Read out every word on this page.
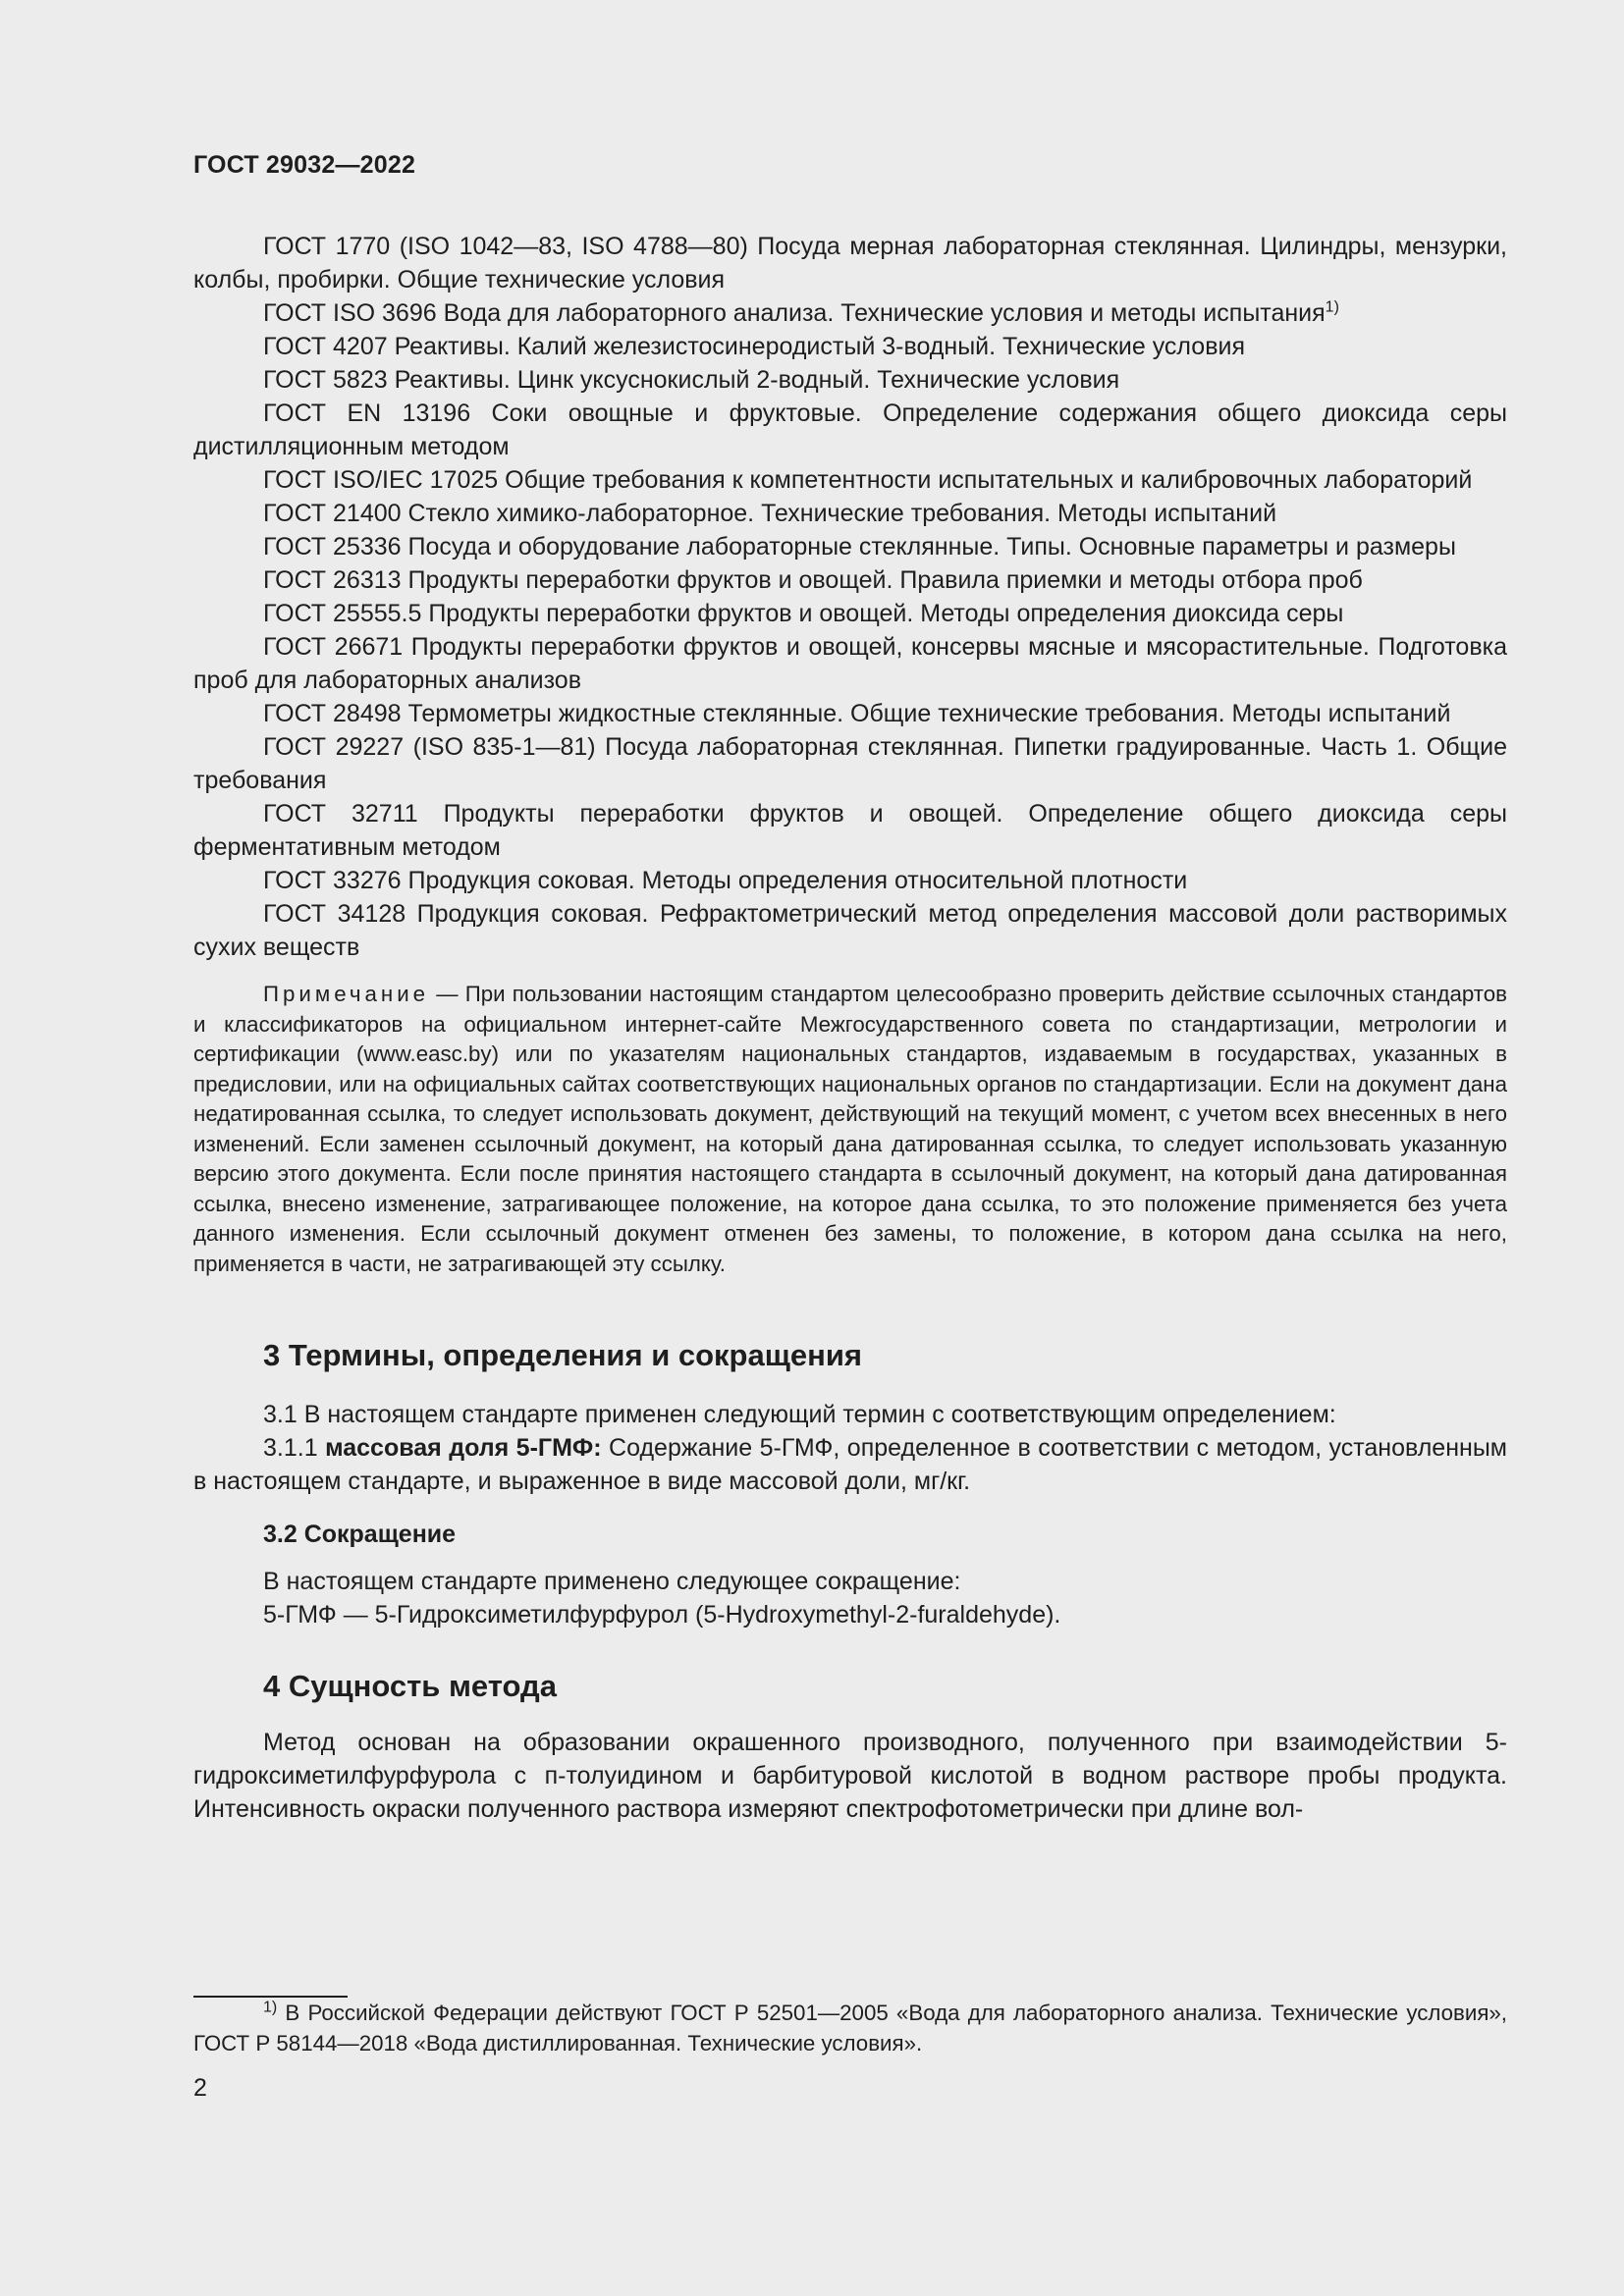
ГОСТ 29032—2022

ГОСТ 1770 (ISO 1042—83, ISO 4788—80) Посуда мерная лабораторная стеклянная. Цилиндры, мензурки, колбы, пробирки. Общие технические условия

ГОСТ ISO 3696 Вода для лабораторного анализа. Технические условия и методы испытания$^{1)}$

ГОСТ 4207 Реактивы. Калий железистосинеродистый 3-водный. Технические условия

ГОСТ 5823 Реактивы. Цинк уксуснокислый 2-водный. Технические условия

ГОСТ EN 13196 Соки овощные и фруктовые. Определение содержания общего диоксида серы дистилляционным методом

ГОСТ ISO/IEC 17025 Общие требования к компетентности испытательных и калибровочных лабораторий

ГОСТ 21400 Стекло химико-лабораторное. Технические требования. Методы испытаний

ГОСТ 25336 Посуда и оборудование лабораторные стеклянные. Типы. Основные параметры и размеры

ГОСТ 26313 Продукты переработки фруктов и овощей. Правила приемки и методы отбора проб

ГОСТ 25555.5 Продукты переработки фруктов и овощей. Методы определения диоксида серы

ГОСТ 26671 Продукты переработки фруктов и овощей, консервы мясные и мясорастительные. Подготовка проб для лабораторных анализов

ГОСТ 28498 Термометры жидкостные стеклянные. Общие технические требования. Методы испытаний

ГОСТ 29227 (ISO 835-1—81) Посуда лабораторная стеклянная. Пипетки градуированные. Часть 1. Общие требования

ГОСТ 32711 Продукты переработки фруктов и овощей. Определение общего диоксида серы ферментативным методом

ГОСТ 33276 Продукция соковая. Методы определения относительной плотности

ГОСТ 34128 Продукция соковая. Рефрактометрический метод определения массовой доли растворимых сухих веществ

Примечание — При пользовании настоящим стандартом целесообразно проверить действие ссылочных стандартов и классификаторов на официальном интернет-сайте Межгосударственного совета по стандартизации, метрологии и сертификации (www.easc.by) или по указателям национальных стандартов, издаваемым в государствах, указанных в предисловии, или на официальных сайтах соответствующих национальных органов по стандартизации. Если на документ дана недатированная ссылка, то следует использовать документ, действующий на текущий момент, с учетом всех внесенных в него изменений. Если заменен ссылочный документ, на который дана датированная ссылка, то следует использовать указанную версию этого документа. Если после принятия настоящего стандарта в ссылочный документ, на который дана датированная ссылка, внесено изменение, затрагивающее положение, на которое дана ссылка, то это положение применяется без учета данного изменения. Если ссылочный документ отменен без замены, то положение, в котором дана ссылка на него, применяется в части, не затрагивающей эту ссылку.

3 Термины, определения и сокращения

3.1 В настоящем стандарте применен следующий термин с соответствующим определением:

3.1.1 массовая доля 5-ГМФ: Содержание 5-ГМФ, определенное в соответствии с методом, установленным в настоящем стандарте, и выраженное в виде массовой доли, мг/кг.

3.2 Сокращение

В настоящем стандарте применено следующее сокращение:

5-ГМФ — 5-Гидроксиметилфурфурол (5-Hydroxymethyl-2-furaldehyde).

4 Сущность метода

Метод основан на образовании окрашенного производного, полученного при взаимодействии 5-гидроксиметилфурфурола с п-толуидином и барбитуровой кислотой в водном растворе пробы продукта. Интенсивность окраски полученного раствора измеряют спектрофотометрически при длине вол-

$^{1)}$ В Российской Федерации действуют ГОСТ Р 52501—2005 «Вода для лабораторного анализа. Технические условия», ГОСТ Р 58144—2018 «Вода дистиллированная. Технические условия».

2
